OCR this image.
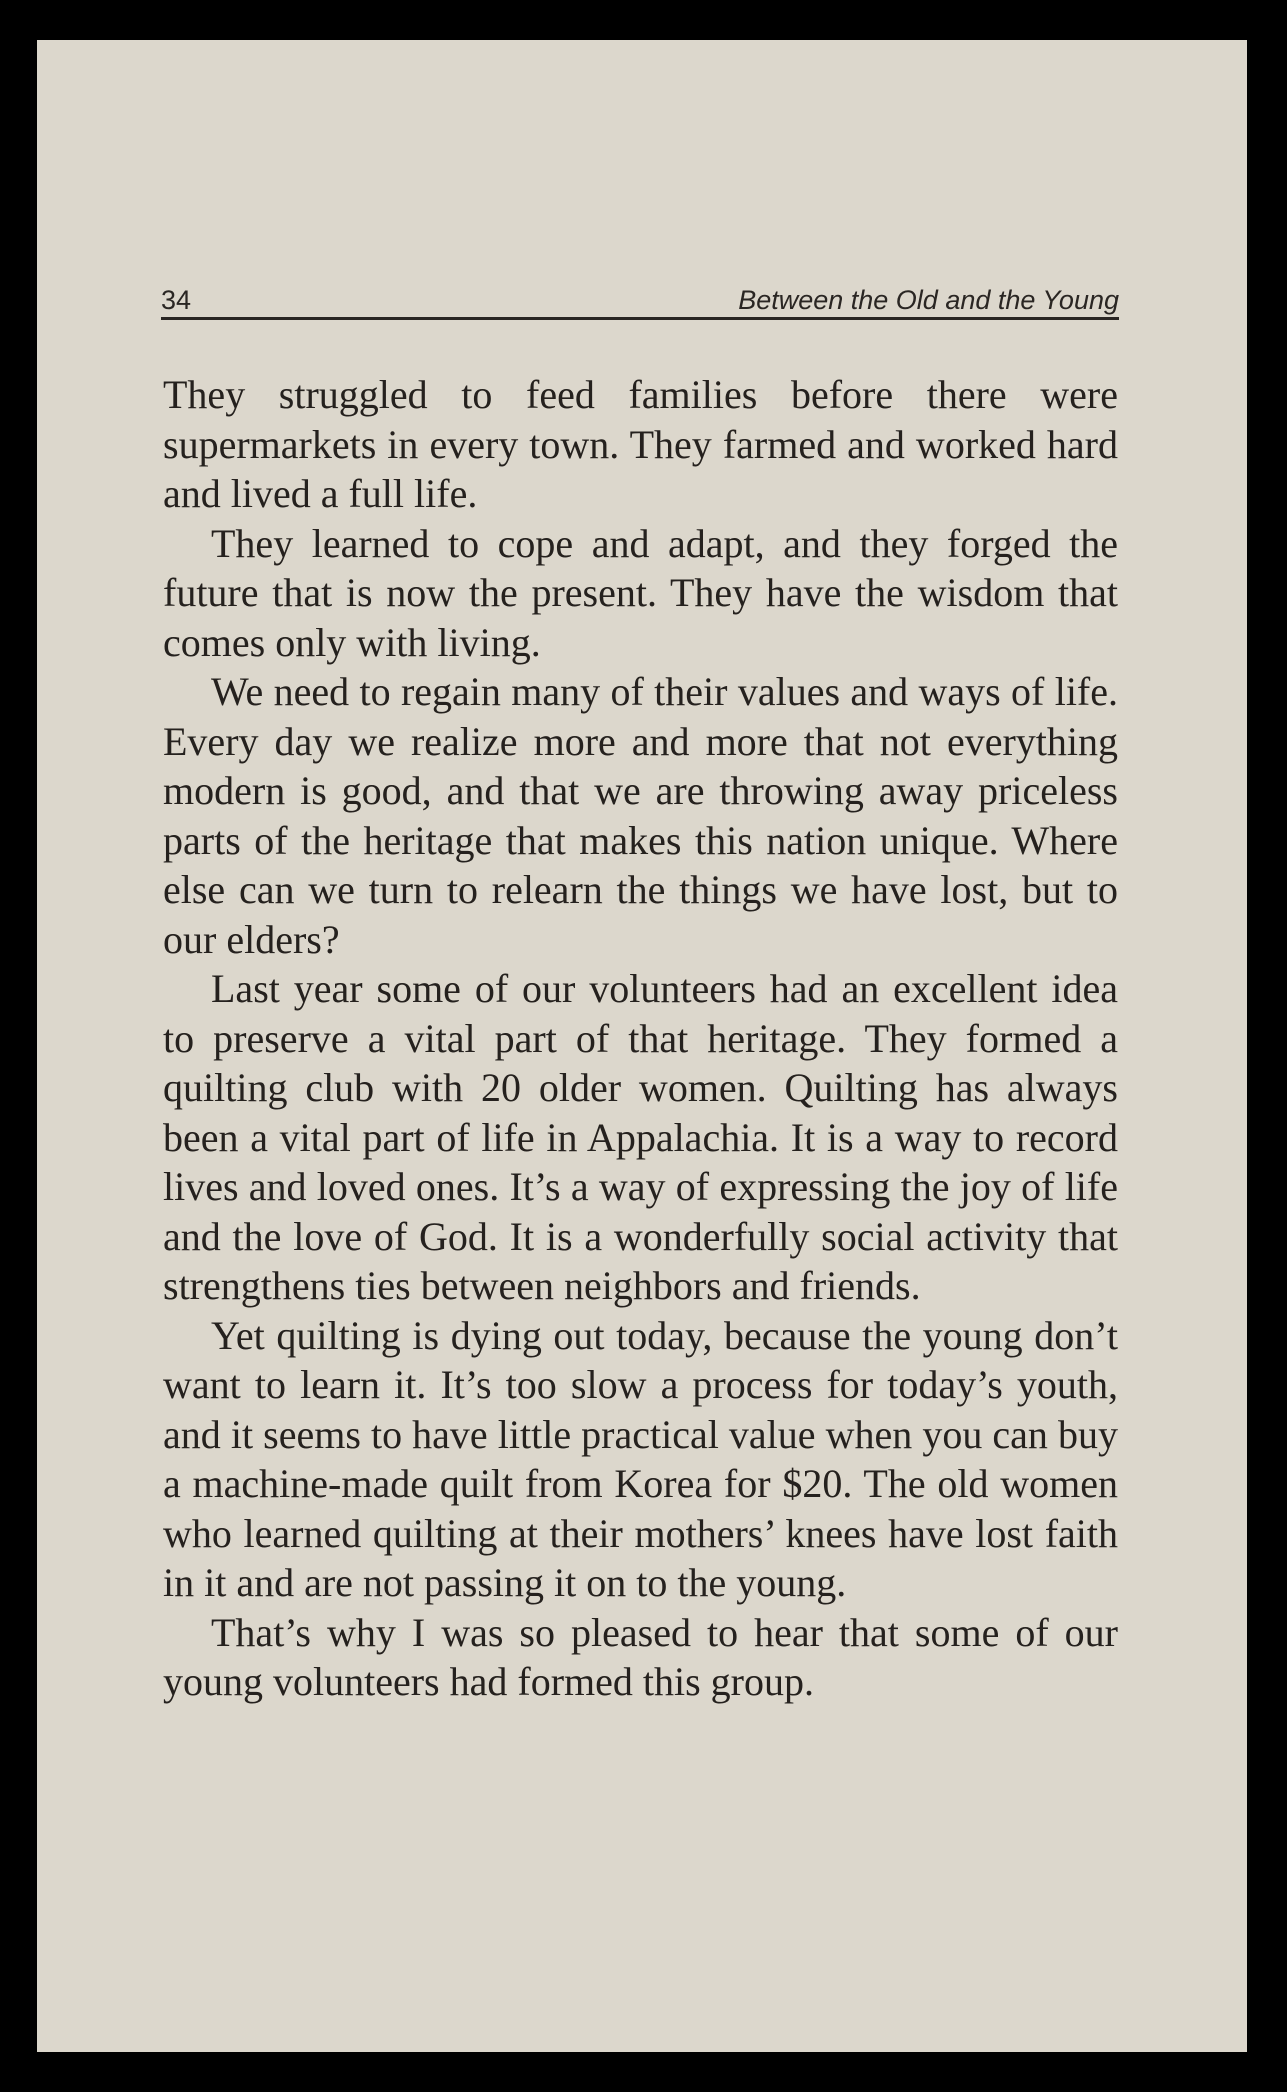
34	Between the Old and the Young

They struggled to feed families before there were supermarkets in every town. They farmed and worked hard and lived a full life.

They learned to cope and adapt, and they forged the future that is now the present. They have the wisdom that comes only with living.

We need to regain many of their values and ways of life. Every day we realize more and more that not everything modern is good, and that we are throwing away priceless parts of the heritage that makes this nation unique. Where else can we turn to relearn the things we have lost, but to our elders?

Last year some of our volunteers had an excellent idea to preserve a vital part of that heritage. They formed a quilting club with 20 older women. Quilting has always been a vital part of life in Appalachia. It is a way to record lives and loved ones. It’s a way of expressing the joy of life and the love of God. It is a wonderfully social activity that strengthens ties between neighbors and friends.

Yet quilting is dying out today, because the young don’t want to learn it. It’s too slow a process for today’s youth, and it seems to have little practical value when you can buy a machine-made quilt from Korea for $20. The old women who learned quilting at their mothers’ knees have lost faith in it and are not passing it on to the young.

That’s why I was so pleased to hear that some of our young volunteers had formed this group.
